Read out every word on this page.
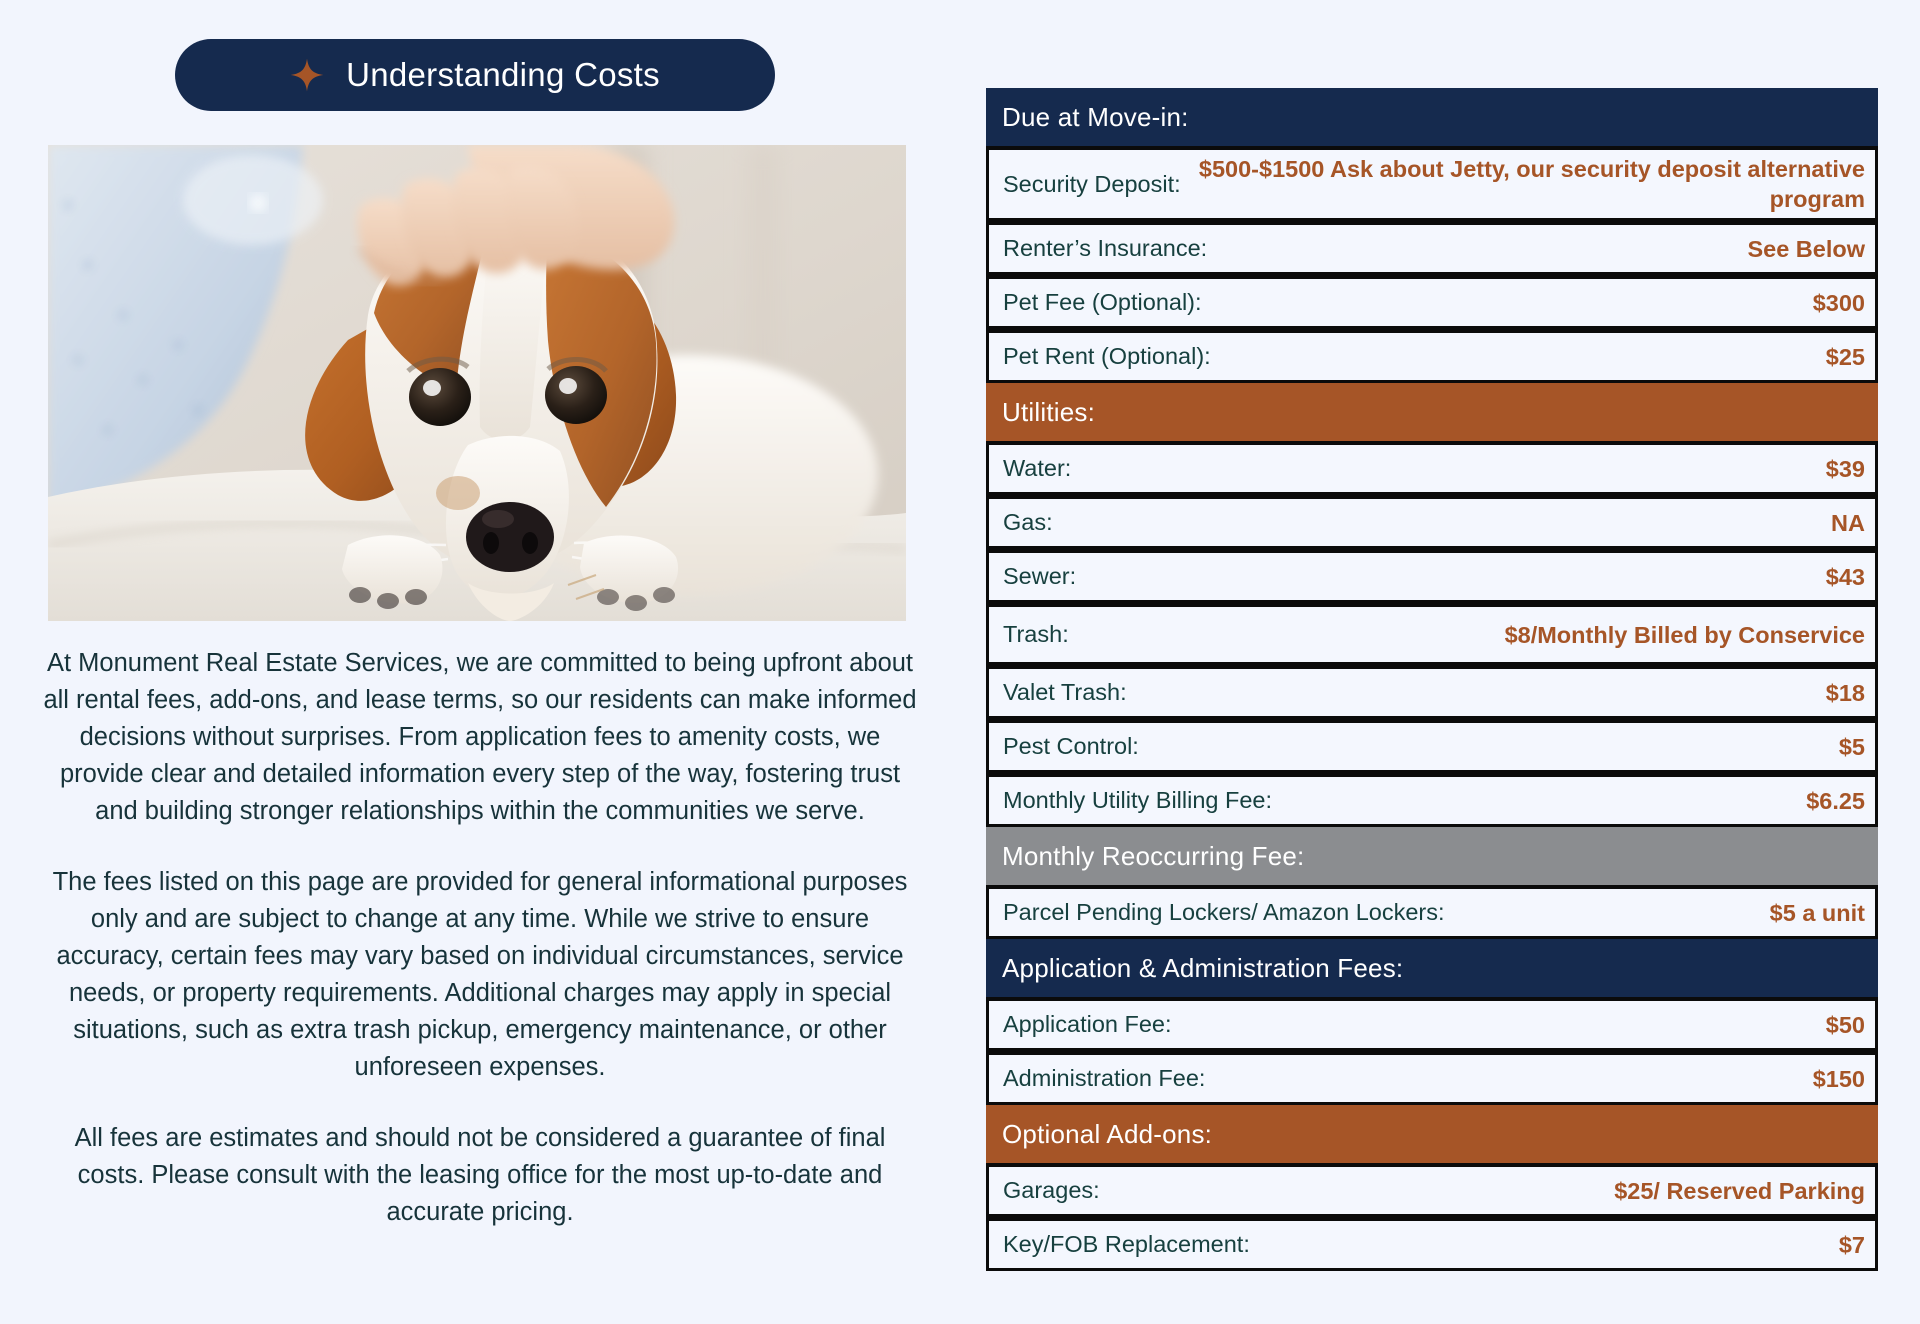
Understanding Costs

At Monument Real Estate Services, we are committed to being upfront about all rental fees, add-ons, and lease terms, so our residents can make informed decisions without surprises. From application fees to amenity costs, we provide clear and detailed information every step of the way, fostering trust and building stronger relationships within the communities we serve.

The fees listed on this page are provided for general informational purposes only and are subject to change at any time. While we strive to ensure accuracy, certain fees may vary based on individual circumstances, service needs, or property requirements. Additional charges may apply in special situations, such as extra trash pickup, emergency maintenance, or other unforeseen expenses.

All fees are estimates and should not be considered a guarantee of final costs. Please consult with the leasing office for the most up-to-date and accurate pricing.

Due at Move-in:
Security Deposit:
$500-$1500 Ask about Jetty, our security deposit alternative program
Renter’s Insurance:	See Below
Pet Fee (Optional):	$300
Pet Rent (Optional):	$25
Utilities:
Water:	$39
Gas:	NA
Sewer:	$43
Trash:	$8/Monthly Billed by Conservice
Valet Trash:	$18
Pest Control:	$5
Monthly Utility Billing Fee:	$6.25
Monthly Reoccurring Fee:
Parcel Pending Lockers/ Amazon Lockers:	$5 a unit
Application & Administration Fees:
Application Fee:	$50
Administration Fee:	$150
Optional Add-ons:
Garages:	$25/ Reserved Parking
Key/FOB Replacement:	$7
